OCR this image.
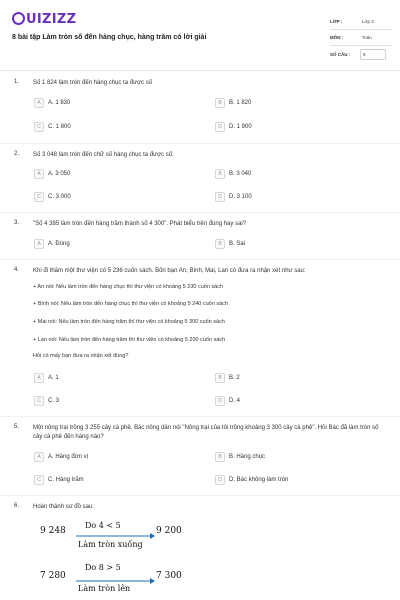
UIZIZZ
8 bài tập Làm tròn số đến hàng chục, hàng trăm có lời giải
LỚP :	Lớp 3
MÔN :	Toán
SỐ CÂU :	8
1. Số 1 824 làm tròn đến hàng chục ta được số
A	A. 1 830	B	B. 1 820
C	C. 1 800	D	D. 1 900
2. Số 3 048 làm tròn đến chữ số hàng chục ta được số:
A	A. 3 050	B	B. 3 040
C	C. 3 000	D	D. 3 100
3. "Số 4 385 làm tròn đến hàng trăm thành số 4 300". Phát biểu trên đúng hay sai?
A	A. Đúng	B	B. Sai
4. Khi đi thăm một thư viện có 5 236 cuốn sách. Bốn bạn An, Bình, Mai, Lan có đưa ra nhận xét như sau:
+ An nói: Nếu làm tròn đến hàng chục thì thư viện có khoảng 5 230 cuốn sách
+ Bình nói: Nếu làm tròn đến hàng chục thì thư viện có khoảng 5 240 cuốn sách
+ Mai nói: Nếu làm tròn đến hàng trăm thì thư viện có khoảng 5 300 cuốn sách
+ Lan nói: Nếu làm tròn đến hàng trăm thì thư viện có khoảng 5 200 cuốn sách
Hỏi có mấy bạn đưa ra nhận xét đúng?
A	A. 1	B	B. 2
C	C. 3	D	D. 4
5. Một nông trại trồng 3 255 cây cà phê. Bác nông dân nói "Nông trại của tôi trồng khoảng 3 300 cây cà phê". Hỏi Bác đã làm tròn số cây cà phê đến hàng nào?
A	A. Hàng đơn vị	B	B. Hàng chục
C	C. Hàng trăm	D	D. Bác không làm tròn
6. Hoàn thành sơ đồ sau:
Do 4 < 5
9 248	9 200
Làm tròn xuống
Do 8 > 5
7 280	7 300
Làm tròn lên
